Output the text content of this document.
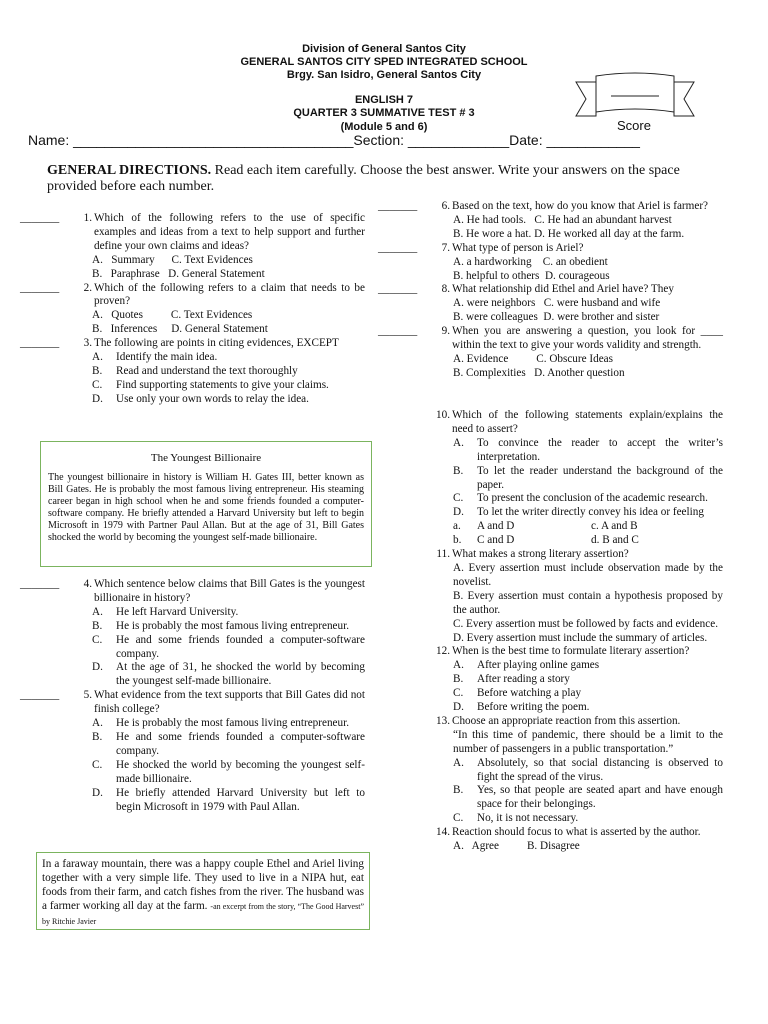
Division of General Santos City
GENERAL SANTOS CITY SPED INTEGRATED SCHOOL
Brgy. San Isidro, General Santos City
ENGLISH 7
QUARTER 3 SUMMATIVE TEST # 3
(Module 5 and 6)	Score
Name: ____________________________________Section: _____________Date: ____________
GENERAL DIRECTIONS. Read each item carefully. Choose the best answer. Write your answers on the space provided before each number.
_______	1. Which of the following refers to the use of specific examples and ideas from a text to help support and further define your own claims and ideas?
A.   Summary      C. Text Evidences
B.   Paraphrase   D. General Statement
_______	2. Which of the following refers to a claim that needs to be proven?
A.   Quotes          C. Text Evidences
B.   Inferences     D. General Statement
_______	3. The following are points in citing evidences, EXCEPT
A.	Identify the main idea.
B.	Read and understand the text thoroughly
C.	Find supporting statements to give your claims.
D.	Use only your own words to relay the idea.
The Youngest Billionaire
The youngest billionaire in history is William H. Gates III, better known as Bill Gates. He is probably the most famous living entrepreneur. His steaming career began in high school when he and some friends founded a computer-software company. He briefly attended a Harvard University but left to begin Microsoft in 1979 with Partner Paul Allan. But at the age of 31, Bill Gates shocked the world by becoming the youngest self-made billionaire.
_______	4. Which sentence below claims that Bill Gates is the youngest billionaire in history?
A.	He left Harvard University.
B.	He is probably the most famous living entrepreneur.
C.	He and some friends founded a computer-software company.
D.	At the age of 31, he shocked the world by becoming the youngest self-made billionaire.
_______	5. What evidence from the text supports that Bill Gates did not finish college?
A.	He is probably the most famous living entrepreneur.
B.	He and some friends founded a computer-software company.
C.	He shocked the world by becoming the youngest self-made billionaire.
D.	He briefly attended Harvard University but left to begin Microsoft in 1979 with Paul Allan.
In a faraway mountain, there was a happy couple Ethel and Ariel living together with a very simple life. They used to live in a NIPA hut, eat foods from their farm, and catch fishes from the river. The husband was a farmer working all day at the farm. -an excerpt from the story, “The Good Harvest” by Ritchie Javier
_______	6. Based on the text, how do you know that Ariel is farmer?
A. He had tools.   C. He had an abundant harvest
B. He wore a hat. D. He worked all day at the farm.
_______	7. What type of person is Ariel?
A. a hardworking    C. an obedient
B. helpful to others  D. courageous
_______	8. What relationship did Ethel and Ariel have? They
A. were neighbors   C. were husband and wife
B. were colleagues  D. were brother and sister
_______	9. When you are answering a question, you look for ____ within the text to give your words validity and strength.
A. Evidence          C. Obscure Ideas
B. Complexities   D. Another question
10. Which of the following statements explain/explains the need to assert?
A.	To convince the reader to accept the writer’s interpretation.
B.	To let the reader understand the background of the paper.
C.	To present the conclusion of the academic research.
D.	To let the writer directly convey his idea or feeling
a.	A and D	c. A and B
b.	C and D	d. B and C
11. What makes a strong literary assertion?
A. Every assertion must include observation made by the novelist.
B. Every assertion must contain a hypothesis proposed by the author.
C. Every assertion must be followed by facts and evidence.
D. Every assertion must include the summary of articles.
12. When is the best time to formulate literary assertion?
A.	After playing online games
B.	After reading a story
C.	Before watching a play
D.	Before writing the poem.
13. Choose an appropriate reaction from this assertion.
“In this time of pandemic, there should be a limit to the number of passengers in a public transportation.”
A.	Absolutely, so that social distancing is observed to fight the spread of the virus.
B.	Yes, so that people are seated apart and have enough space for their belongings.
C.	No, it is not necessary.
14. Reaction should focus to what is asserted by the author.
A.   Agree          B. Disagree
